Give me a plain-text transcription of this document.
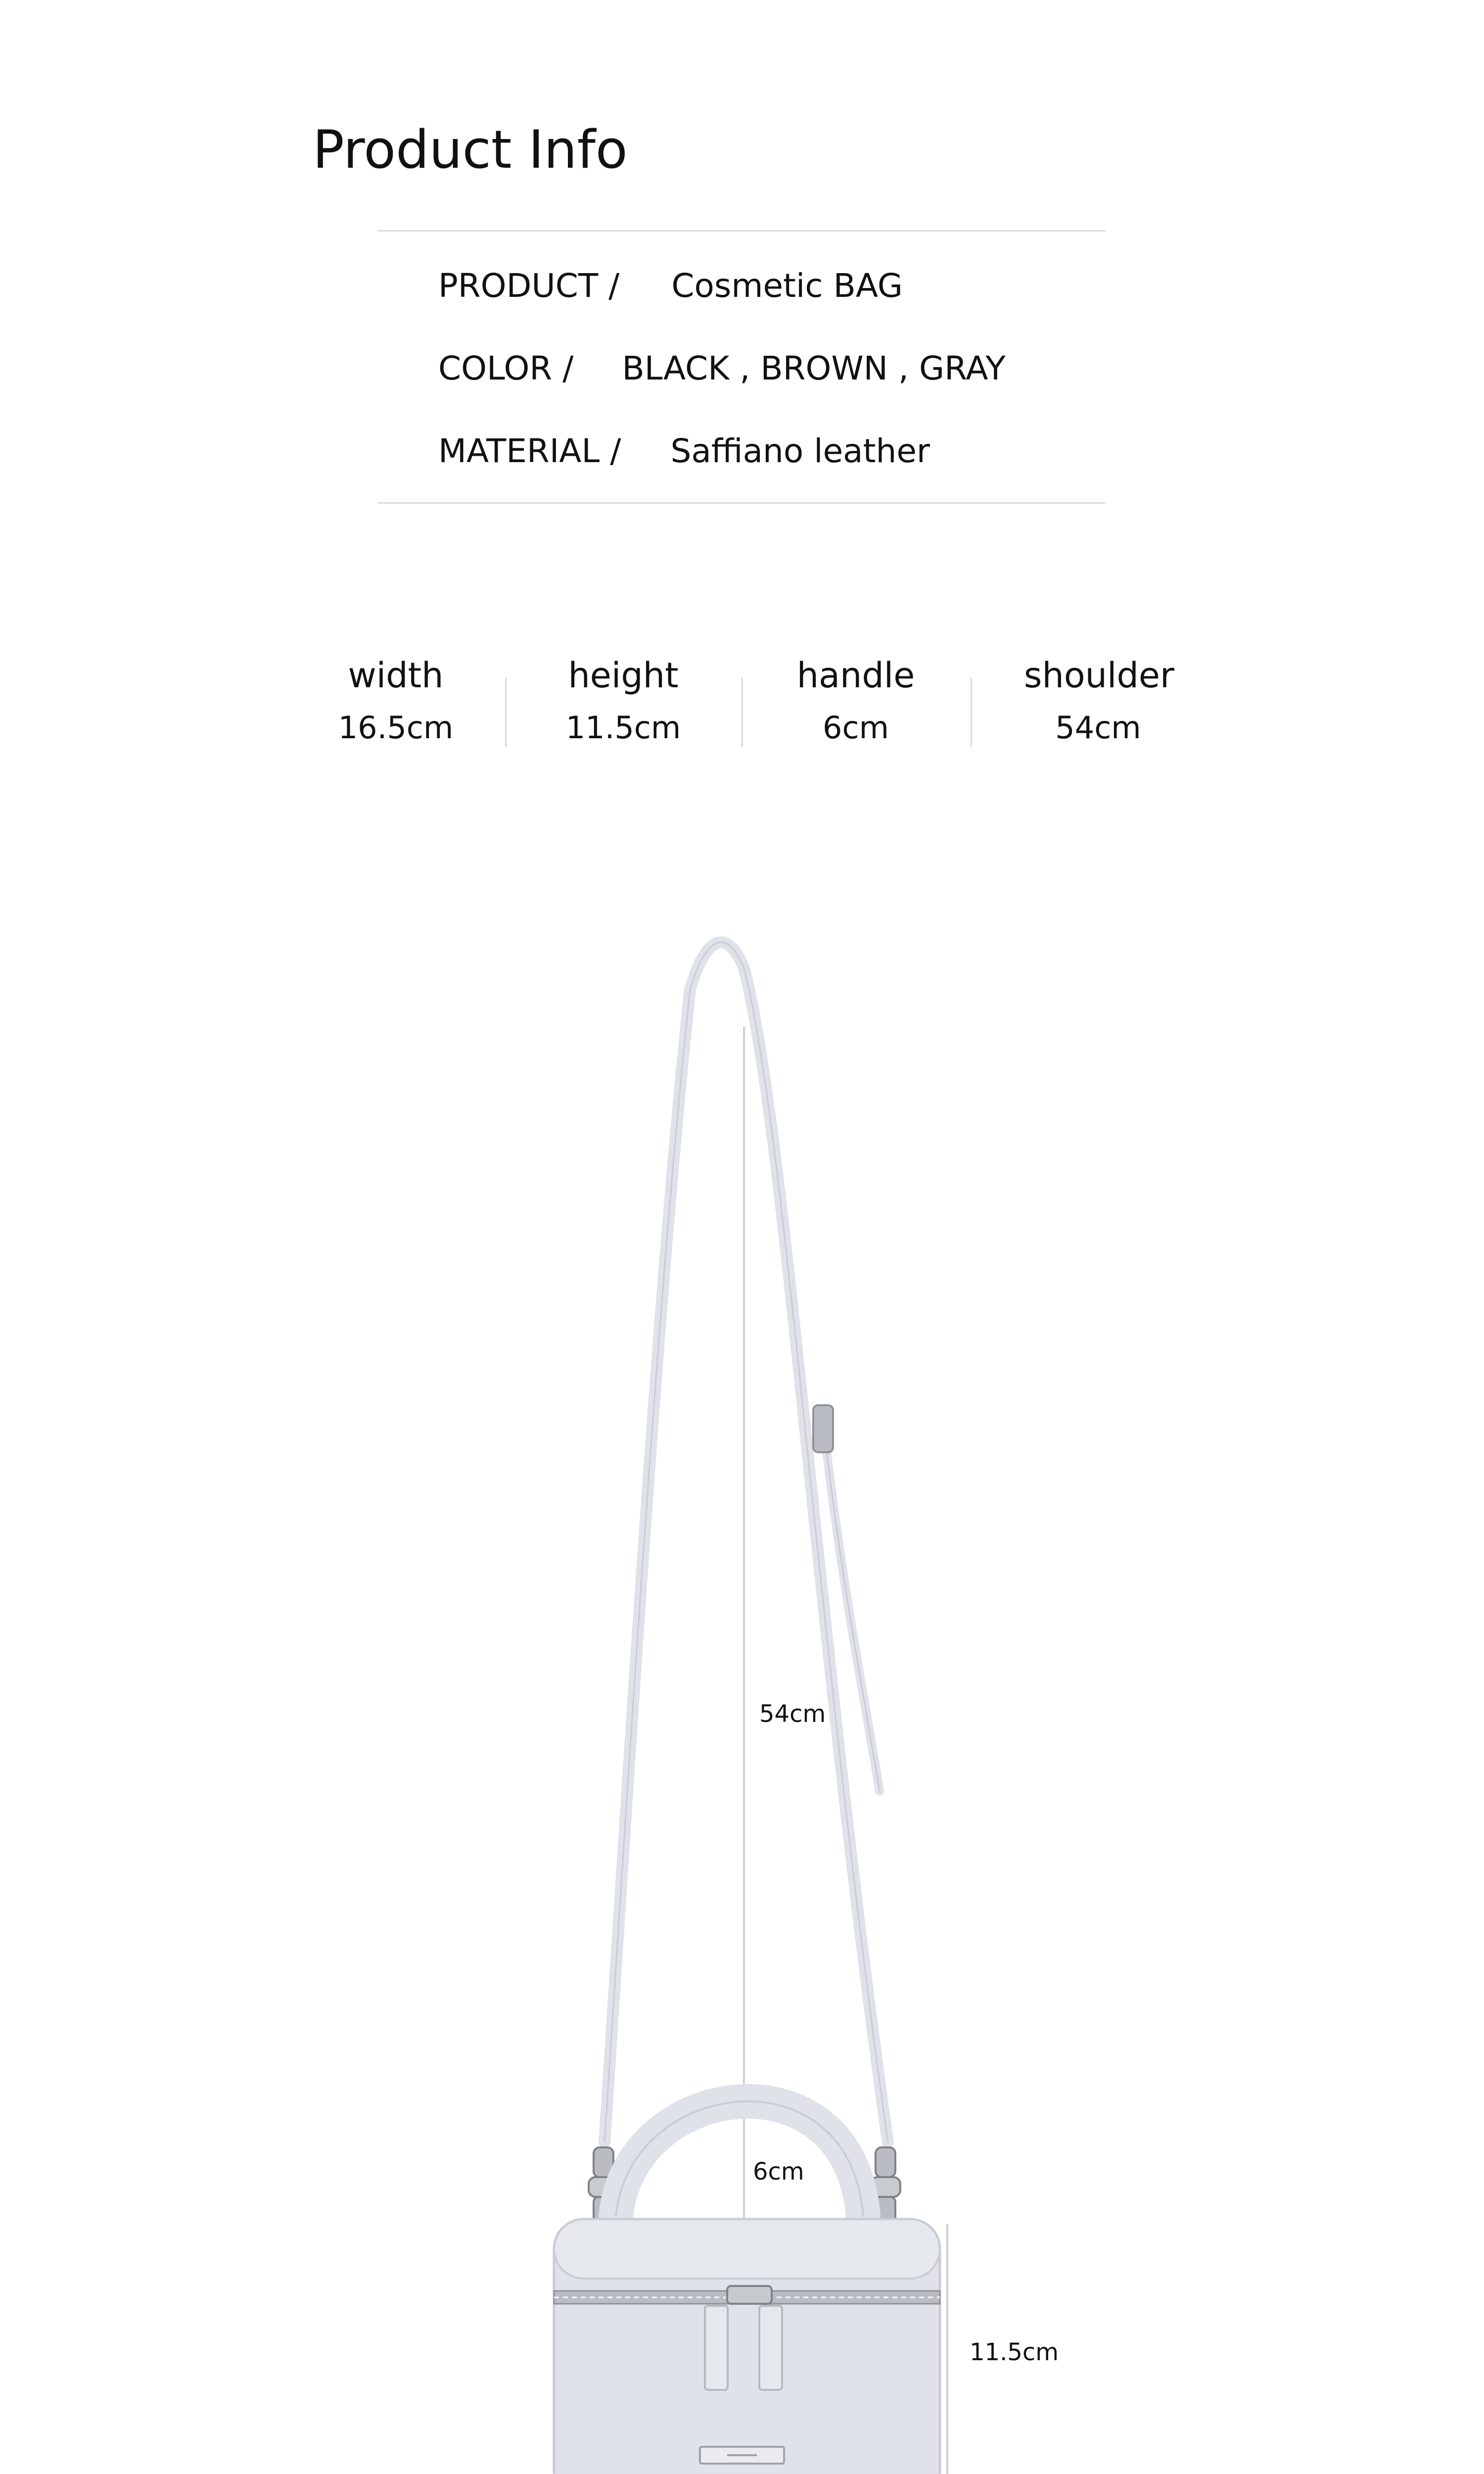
Product Info
PRODUCT / Cosmetic BAG
COLOR / BLACK , BROWN , GRAY
MATERIAL / Saffiano leather
width
16.5cm
height
11.5cm
handle
6cm
shoulder
54cm
54cm
6cm
11.5cm
